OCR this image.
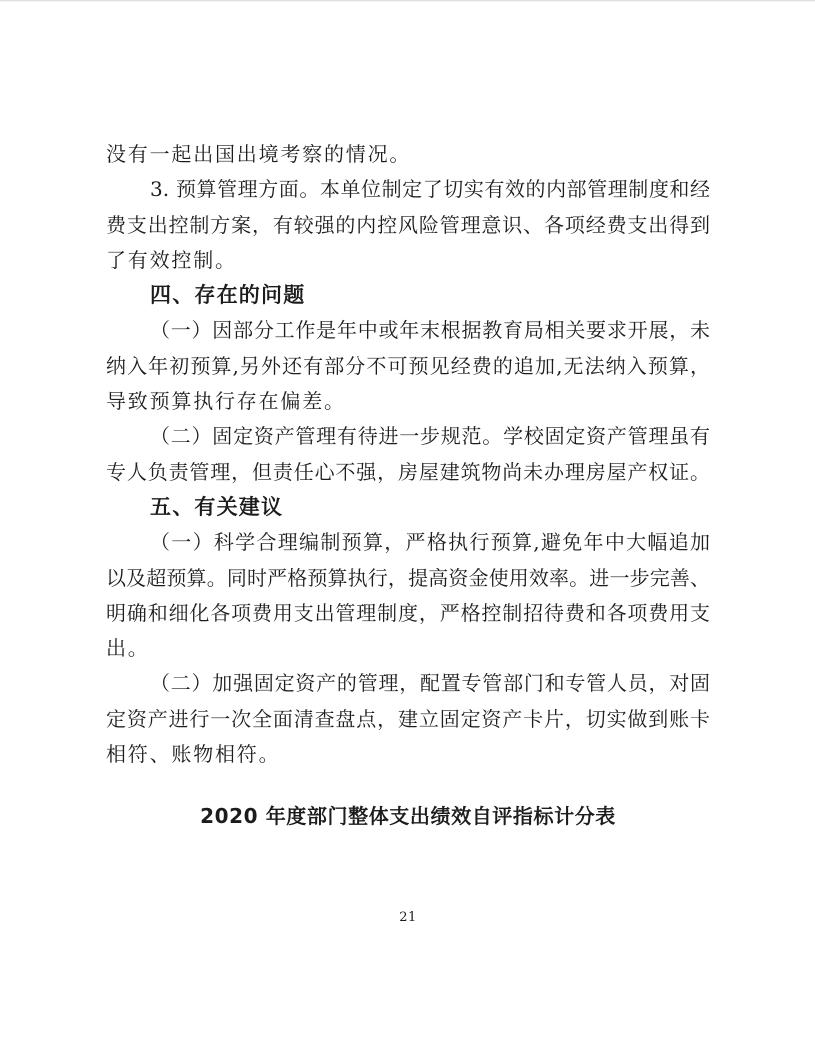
没有一起出国出境考察的情况。
3. 预算管理方面。本单位制定了切实有效的内部管理制度和经
费支出控制方案，有较强的内控风险管理意识、各项经费支出得到
了有效控制。
四、存在的问题
（一）因部分工作是年中或年末根据教育局相关要求开展，未
纳入年初预算,另外还有部分不可预见经费的追加,无法纳入预算，
导致预算执行存在偏差。
（二）固定资产管理有待进一步规范。学校固定资产管理虽有
专人负责管理，但责任心不强，房屋建筑物尚未办理房屋产权证。
五、有关建议
（一）科学合理编制预算，严格执行预算,避免年中大幅追加
以及超预算。同时严格预算执行，提高资金使用效率。进一步完善、
明确和细化各项费用支出管理制度，严格控制招待费和各项费用支
出。
（二）加强固定资产的管理，配置专管部门和专管人员，对固
定资产进行一次全面清查盘点，建立固定资产卡片，切实做到账卡
相符、账物相符。
2020 年度部门整体支出绩效自评指标计分表
21
